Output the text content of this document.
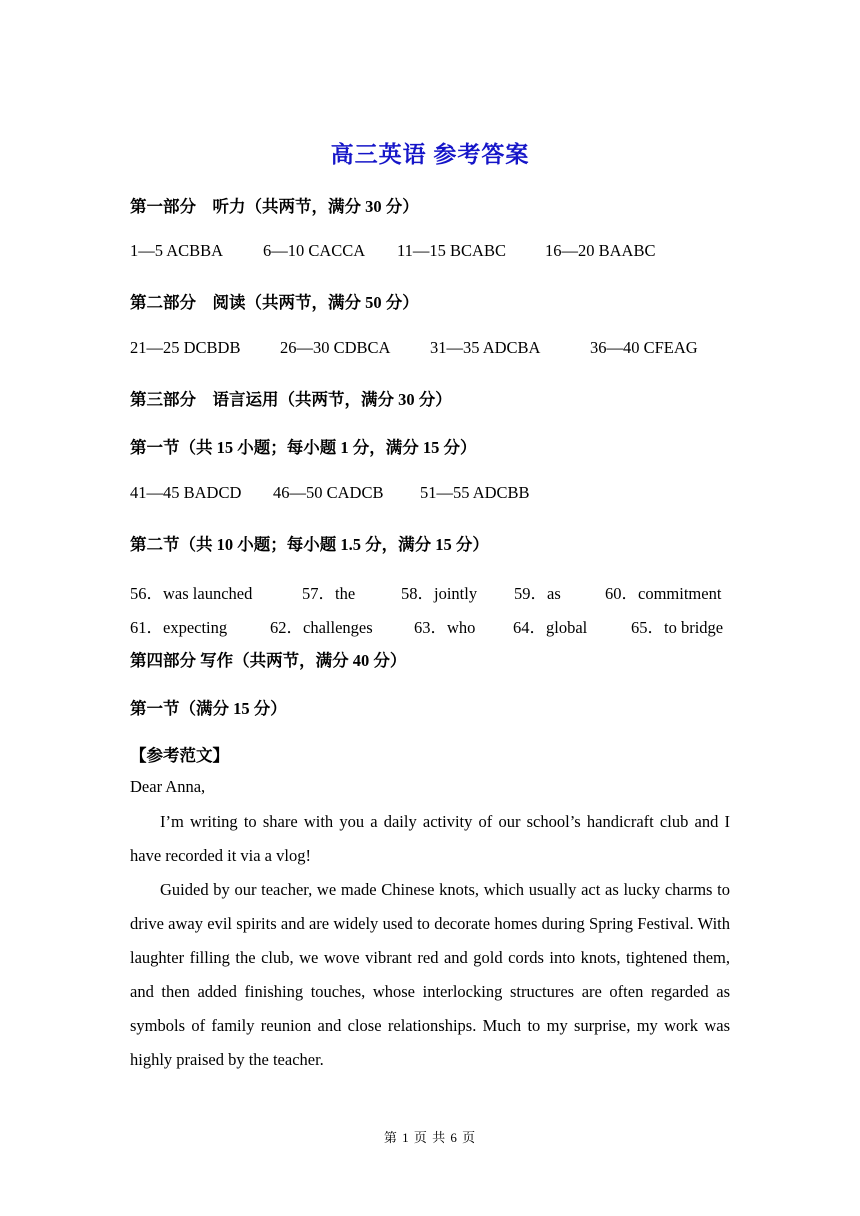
高三英语 参考答案
第一部分　听力（共两节，满分 30 分）
1—5 ACBBA 6—10 CACCA 11—15 BCABC 16—20 BAABC
第二部分　阅读（共两节，满分 50 分）
21—25 DCBDB 26—30 CDBCA 31—35 ADCBA	36—40 CFEAG
第三部分　语言运用（共两节，满分 30 分）
第一节（共 15 小题；每小题 1 分，满分 15 分）
41—45 BADCD 46—50 CADCB 51—55 ADCBB
第二节（共 10 小题；每小题 1.5 分，满分 15 分）
56．was launched	57．the	58．jointly 59．as	60．commitment
61．expecting	62．challenges	63．who 64．global	65．to bridge
第四部分 写作（共两节，满分 40 分）
第一节（满分 15 分）
【参考范文】
Dear Anna,
I’m writing to share with you a daily activity of our school’s handicraft club and I have recorded it via a vlog!
Guided by our teacher, we made Chinese knots, which usually act as lucky charms to drive away evil spirits and are widely used to decorate homes during Spring Festival. With laughter filling the club, we wove vibrant red and gold cords into knots, tightened them, and then added finishing touches, whose interlocking structures are often regarded as symbols of family reunion and close relationships. Much to my surprise, my work was highly praised by the teacher.
第 1 页 共 6 页
